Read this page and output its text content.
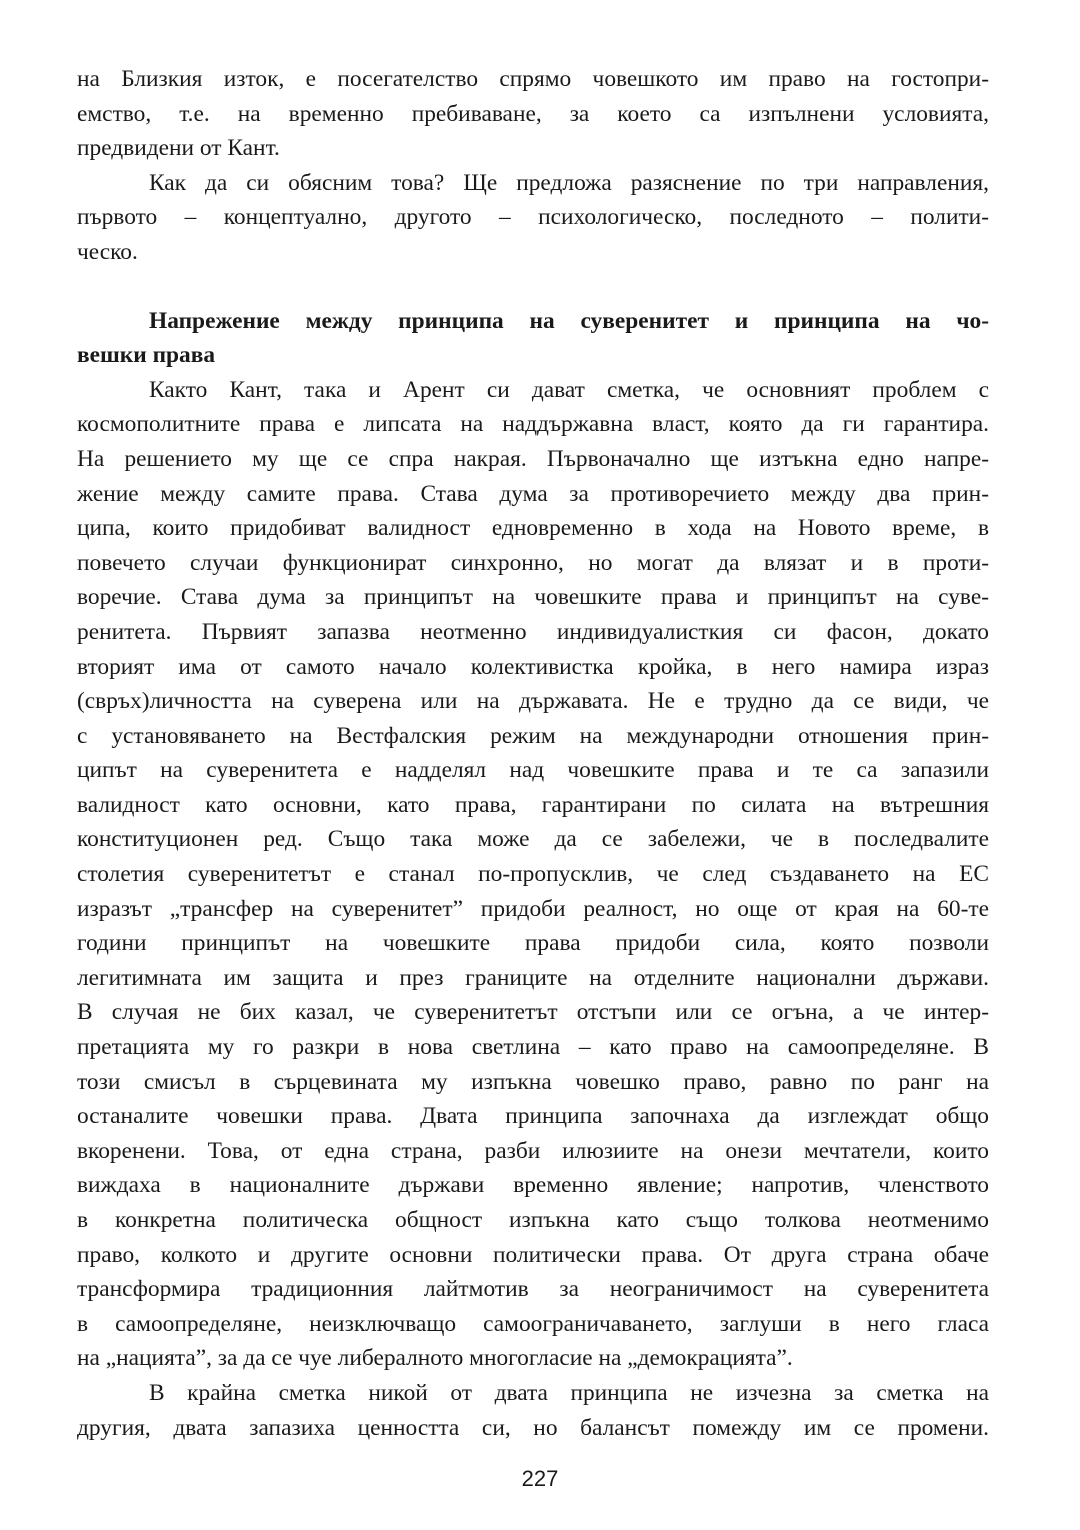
на Близкия изток, е посегателство спрямо човешкото им право на гостопри-
емство, т.е. на временно пребиваване, за което са изпълнени условията,
предвидени от Кант.
Как да си обясним това? Ще предложа разяснение по три направления,
първото – концептуално, другото – психологическо, последното – полити-
ческо.
Напрежение между принципа на суверенитет и принципа на чо-
вешки права
Както Кант, така и Арент си дават сметка, че основният проблем с
космополитните права е липсата на наддържавна власт, която да ги гарантира.
На решението му ще се спра накрая. Първоначално ще изтъкна едно напре-
жение между самите права. Става дума за противоречието между два прин-
ципа, които придобиват валидност едновременно в хода на Новото време, в
повечето случаи функционират синхронно, но могат да влязат и в проти-
воречие. Става дума за принципът на човешките права и принципът на суве-
ренитета. Първият запазва неотменно индивидуалисткия си фасон, докато
вторият има от самото начало колективистка кройка, в него намира израз
(свръх)личността на суверена или на държавата. Не е трудно да се види, че
с установяването на Вестфалския режим на международни отношения прин-
ципът на суверенитета е надделял над човешките права и те са запазили
валидност като основни, като права, гарантирани по силата на вътрешния
конституционен ред. Също така може да се забележи, че в последвалите
столетия суверенитетът е станал по-пропусклив, че след създаването на ЕС
изразът „трансфер на суверенитет” придоби реалност, но още от края на 60-те
години принципът на човешките права придоби сила, която позволи
легитимната им защита и през границите на отделните национални държави.
В случая не бих казал, че суверенитетът отстъпи или се огъна, а че интер-
претацията му го разкри в нова светлина – като право на самоопределяне. В
този смисъл в сърцевината му изпъкна човешко право, равно по ранг на
останалите човешки права. Двата принципа започнаха да изглеждат общо
вкоренени. Това, от една страна, разби илюзиите на онези мечтатели, които
виждаха в националните държави временно явление; напротив, членството
в конкретна политическа общност изпъкна като също толкова неотменимо
право, колкото и другите основни политически права. От друга страна обаче
трансформира традиционния лайтмотив за неограничимост на суверенитета
в самоопределяне, неизключващо самоограничаването, заглуши в него гласа
на „нацията”, за да се чуе либералното многогласие на „демокрацията”.
В крайна сметка никой от двата принципа не изчезна за сметка на
другия, двата запазиха ценността си, но балансът помежду им се промени.
227
